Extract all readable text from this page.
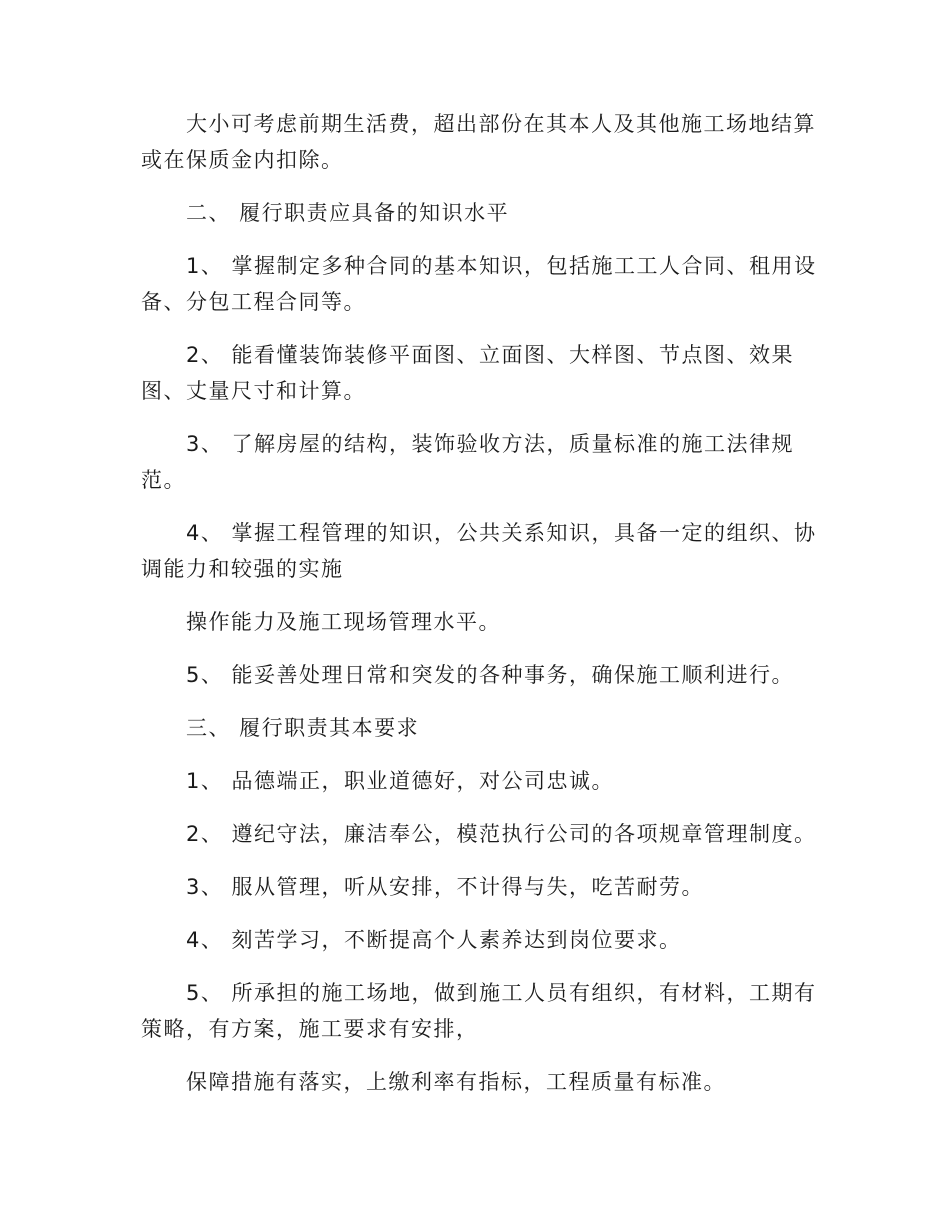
大小可考虑前期生活费，超出部份在其本人及其他施工场地结算
或在保质金内扣除。
二、 履行职责应具备的知识水平
1、 掌握制定多种合同的基本知识，包括施工工人合同、租用设
备、分包工程合同等。
2、 能看懂装饰装修平面图、立面图、大样图、节点图、效果
图、丈量尺寸和计算。
3、 了解房屋的结构，装饰验收方法，质量标准的施工法律规
范。
4、 掌握工程管理的知识，公共关系知识，具备一定的组织、协
调能力和较强的实施
操作能力及施工现场管理水平。
5、 能妥善处理日常和突发的各种事务，确保施工顺利进行。
三、 履行职责其本要求
1、 品德端正，职业道德好，对公司忠诚。
2、 遵纪守法，廉洁奉公，模范执行公司的各项规章管理制度。
3、 服从管理，听从安排，不计得与失，吃苦耐劳。
4、 刻苦学习，不断提高个人素养达到岗位要求。
5、 所承担的施工场地，做到施工人员有组织，有材料，工期有
策略，有方案，施工要求有安排，
保障措施有落实，上缴利率有指标，工程质量有标准。
